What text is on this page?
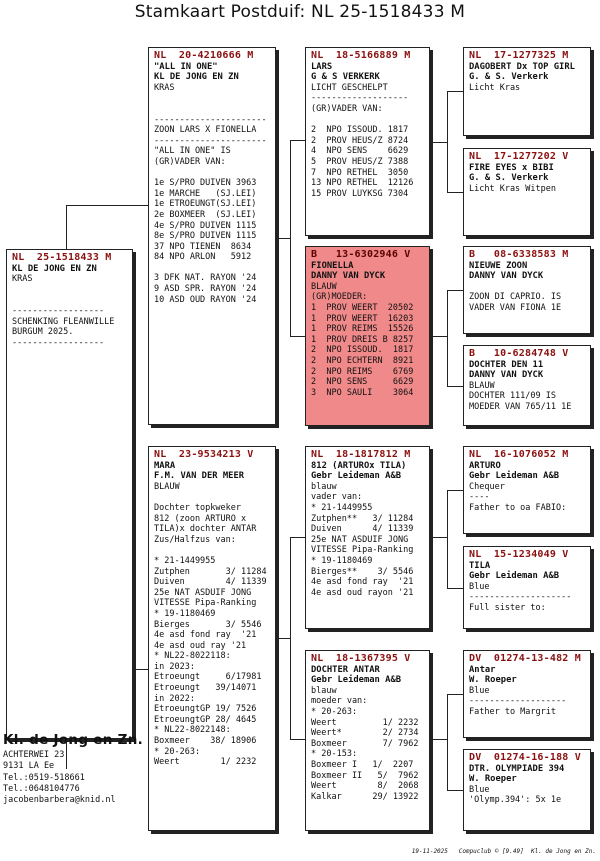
Stamkaart Postduif: NL 25-1518433 M
NL  25-1518433 M
KL DE JONG EN ZN
KRAS

------------------
SCHENKING FLEANWILLE
BURGUM 2025.
------------------
NL  20-4210666 M
"ALL IN ONE"
KL DE JONG EN ZN
KRAS

----------------------
ZOON LARS X FIONELLA
----------------------
"ALL IN ONE" IS
(GR)VADER VAN:

1e S/PRO DUIVEN 3963
1e MARCHE   (SJ.LEI)
1e ETROEUNGT(SJ.LEI)
2e BOXMEER  (SJ.LEI)
4e S/PRO DUIVEN 1115
8e S/PRO DUIVEN 1115
37 NPO TIENEN  8634
84 NPO ARLON   5912

3 DFK NAT. RAYON '24
9 ASD SPR. RAYON '24
10 ASD OUD RAYON '24
NL  23-9534213 V
MARA
F.M. VAN DER MEER
BLAUW

Dochter topkweker
812 (zoon ARTURO x
TILA)x dochter ANTAR
Zus/Halfzus van:

* 21-1449955
Zutphen       3/ 11284
Duiven        4/ 11339
25e NAT ASDUIF JONG
VITESSE Pipa-Ranking
* 19-1180469
Bierges       3/ 5546
4e asd fond ray  '21
4e asd oud ray '21
* NL22-8022118:
in 2023:
Etroeungt     6/17981
Etroeungt   39/14071
in 2022:
EtroeungtGP 19/ 7526
EtroeungtGP 28/ 4645
* NL22-8022148:
Boxmeer    38/ 18906
* 20-263:
Weert        1/ 2232
NL  18-5166889 M
LARS
G & S VERKERK
LICHT GESCHELPT
-------------------
(GR)VADER VAN:

2  NPO ISSOUD. 1817
2  PROV HEUS/Z 8724
4  NPO SENS    6629
5  PROV HEUS/Z 7388
7  NPO RETHEL  3050
13 NPO RETHEL  12126
15 PROV LUYKSG 7304
B   13-6302946 V
FIONELLA
DANNY VAN DYCK
BLAUW
(GR)MOEDER:
1  PROV WEERT  20502
1  PROV WEERT  16203
1  PROV REIMS  15526
1  PROV DREIS B 8257
2  NPO ISSOUD.  1817
2  NPO ECHTERN  8921
2  NPO REIMS    6769
2  NPO SENS     6629
3  NPO SAULI    3064
NL  18-1817812 M
812 (ARTUROx TILA)
Gebr Leideman A&B
blauw
vader van:
* 21-1449955
Zutphen**   3/ 11284
Duiven      4/ 11339
25e NAT ASDUIF JONG
VITESSE Pipa-Ranking
* 19-1180469
Bierges**    3/ 5546
4e asd fond ray  '21
4e asd oud rayon '21
NL  18-1367395 V
DOCHTER ANTAR
Gebr Leideman A&B
blauw
moeder van:
* 20-263:
Weert         1/ 2232
Weert*        2/ 2734
Boxmeer       7/ 7962
* 20-153:
Boxmeer I   1/  2207
Boxmeer II   5/  7962
Weert        8/  2068
Kalkar      29/ 13922
NL  17-1277325 M
DAGOBERT Dx TOP GIRL
G. & S. Verkerk
Licht Kras
NL  17-1277202 V
FIRE EYES x BIBI
G. & S. Verkerk
Licht Kras Witpen
B   08-6338583 M
NIEUWE ZOON
DANNY VAN DYCK

ZOON DI CAPRIO. IS
VADER VAN FIONA 1E
B   10-6284748 V
DOCHTER DEN 11
DANNY VAN DYCK
BLAUW
DOCHTER 111/09 IS
MOEDER VAN 765/11 1E
NL  16-1076052 M
ARTURO
Gebr Leideman A&B
Chequer
----
Father to oa FABIO:
NL  15-1234049 V
TILA
Gebr Leideman A&B
Blue
--------------------
Full sister to:
DV  01274-13-482 M
Antar
W. Roeper
Blue
-------------------
Father to Margrit
DV  01274-16-188 V
DTR. OLYMPIADE 394
W. Roeper
Blue
'Olymp.394': 5x 1e
Kl. de Jong en Zn.
ACHTERWEI 23
9131 LA Ee
Tel.:0519-518661
Tel.:0648104776
jacobenbarbera@knid.nl
19-11-2025   Compuclub © [9.49]  Kl. de Jong en Zn.
